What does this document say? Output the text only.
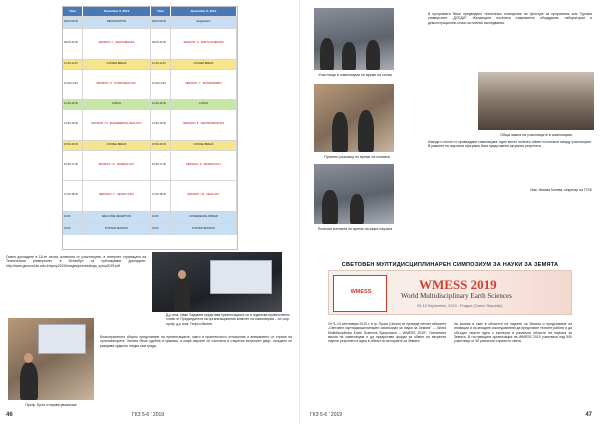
Time	November 6, 2019	Time	November 6, 2019
08:00-09:00	REGISTRATION	08:00-09:00	Registration
09:00-10:30	SESSION • I · GEOSCIENCES	09:00-10:30	SESSION • 6 · EARTH SCIENCES
10:30-11:00	COFFEE BREAK	10:30-11:00	COFFEE BREAK
11:00-12:30	SESSION • II · HYDROGEOLOGY	11:00-12:30	SESSION • 7 · ENVIRONMENT
12:30-13:30	LUNCH	12:30-13:30	LUNCH
13:30-15:00	SESSION • III · ENGINEERING GEOLOGY	13:30-15:00	SESSION • 8 · GEOINFORMATICS
15:00-15:30	COFFEE BREAK	15:00-15:30	COFFEE BREAK
15:30-17:00	SESSION • IV · MINERALOGY	15:30-17:00	SESSION • 9 · SEISMOLOGY
17:00-18:30	SESSION • V · GEOPHYSICS	17:00-18:30	SESSION • 10 · GEOLOGY
19:00	WELCOME RECEPTION	19:00	CONFERENCE DINNER
20:00	POSTER SESSION	20:00	POSTER SESSION
Освен докладите в 15-те сесии, изнесени от участниците, в интернет страницата на Техническия университет в Истанбул са публикувани докладите: http://www.geoconf.itu.edu.tr/symp2019/images/proceedings_symp2019.pdf
Д-р инж. Иван Хаджиев представя презентацията си и подписва приветствено слово от Председателя на организационния комитет на симпозиума – чл.-кор. проф. д-р инж. Георги Милев.
Проф. Ерол отправя уважение
Благоприятното сборно представяне на презентациите, както и приятелското отношение и вниманието от страна на организаторите. Залата беше удобна и красива, а кафе-паузите се състояха в открития вътрешен двор, откъдето се разкрива чудесна гледка към града.
46	ГКЗ 5-6 ' 2019
Участници в симпозиума по време на сесия
В програмата беше предвидено техническо посещение на Центъра за проучвания към Турския университет „ДСЕДИ". Желаещите посетиха съвременно оборудване, лаборатории и демонстрационни сесии за полеви изследвания.
Обща зимна на участниците в симпозиума
Приятен разговор по време на почивка
Полезни контакти по време на кафе-паузата
Изводи и ползи от провеждане симпозиума: един много полезен обмен и контакти между участниците. В рамките на научната програма бяха представени актуални резултати.
Инж. Иванка Колева, секретар на ГГБЕ
СВЕТОВЕН МУЛТИДИСЦИПЛИНАРЕН СИМПОЗИУМ ЗА НАУКИ ЗА ЗЕМЯТА
WMESS	WMESS 2019
World Multidisciplinary Earth Sciences
09-13 September, 2019 - Prague (Czech Republic)
От 9–13 септември 2019 г. в гр. Прага (Чехия) се проведе петият юбилеен „Световен мултидисциплинарен симпозиум за науки за Земята" – „World Multidisciplinary Earth Sciences Symposium – WMESS 2019". Основната мисия на симпозиума е да предостави форум за обмен на актуални научни резултати и идеи в областта на науките за Земята.
на знания в сват в областта на науките за Земята и представяне на иновации и на младите изследователи да представят техните работи и да обсъдят своите идеи с експерти в различни области на науката за Земята. В гостуващата организация на WMESS 2019 участваха над 500 участници от 50 различни страни по света.
ГКЗ 5-6 ' 2019	47
